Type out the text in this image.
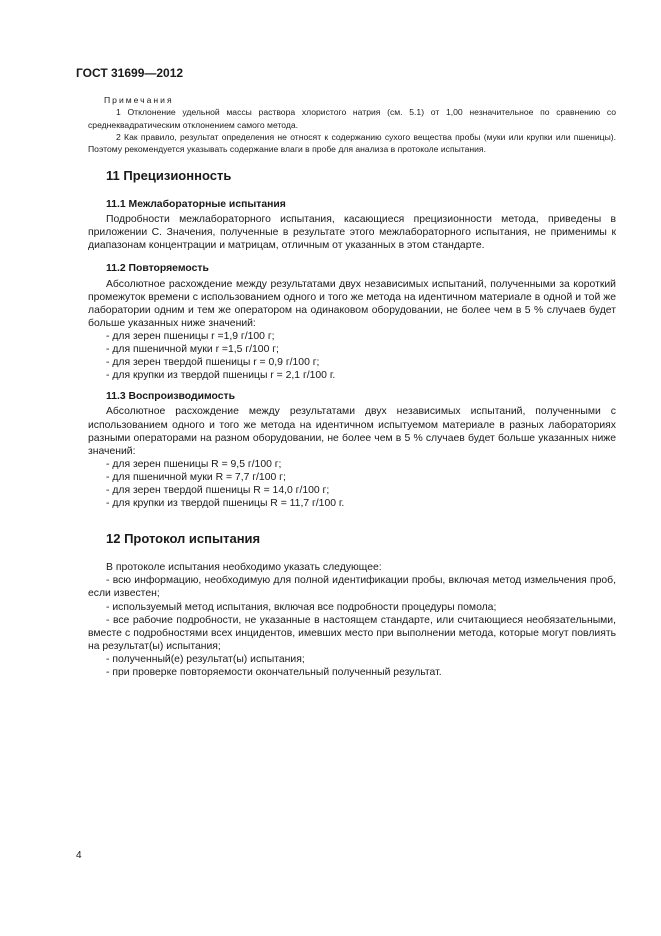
ГОСТ 31699—2012

Примечания

1 Отклонение удельной массы раствора хлористого натрия (см. 5.1) от 1,00 незначительное по сравнению со среднеквадратическим отклонением самого метода.

2 Как правило, результат определения не относят к содержанию сухого вещества пробы (муки или крупки или пшеницы). Поэтому рекомендуется указывать содержание влаги в пробе для анализа в протоколе испытания.

11 Прецизионность
11.1 Межлабораторные испытания

Подробности межлабораторного испытания, касающиеся прецизионности метода, приведены в приложении С. Значения, полученные в результате этого межлабораторного испытания, не применимы к диапазонам концентрации и матрицам, отличным от указанных в этом стандарте.

11.2 Повторяемость

Абсолютное расхождение между результатами двух независимых испытаний, полученными за короткий промежуток времени с использованием одного и того же метода на идентичном материале в одной и той же лаборатории одним и тем же оператором на одинаковом оборудовании, не более чем в 5 % случаев будет больше указанных ниже значений:

- для зерен пшеницы r =1,9 г/100 г;
- для пшеничной муки r =1,5 г/100 г;
- для зерен твердой пшеницы r = 0,9 г/100 г;
- для крупки из твердой пшеницы r = 2,1 г/100 г.
11.3 Воспроизводимость

Абсолютное расхождение между результатами двух независимых испытаний, полученными с использованием одного и того же метода на идентичном испытуемом материале в разных лабораториях разными операторами на разном оборудовании, не более чем в 5 % случаев будет больше указанных ниже значений:

- для зерен пшеницы R = 9,5 г/100 г;
- для пшеничной муки R = 7,7 г/100 г;
- для зерен твердой пшеницы R = 14,0 г/100 г;
- для крупки из твердой пшеницы R = 11,7 г/100 г.
12 Протокол испытания

В протоколе испытания необходимо указать следующее:

- всю информацию, необходимую для полной идентификации пробы, включая метод измельчения проб, если известен;

- используемый метод испытания, включая все подробности процедуры помола;

- все рабочие подробности, не указанные в настоящем стандарте, или считающиеся необязательными, вместе с подробностями всех инцидентов, имевших место при выполнении метода, которые могут повлиять на результат(ы) испытания;

- полученный(е) результат(ы) испытания;

- при проверке повторяемости окончательный полученный результат.

4
